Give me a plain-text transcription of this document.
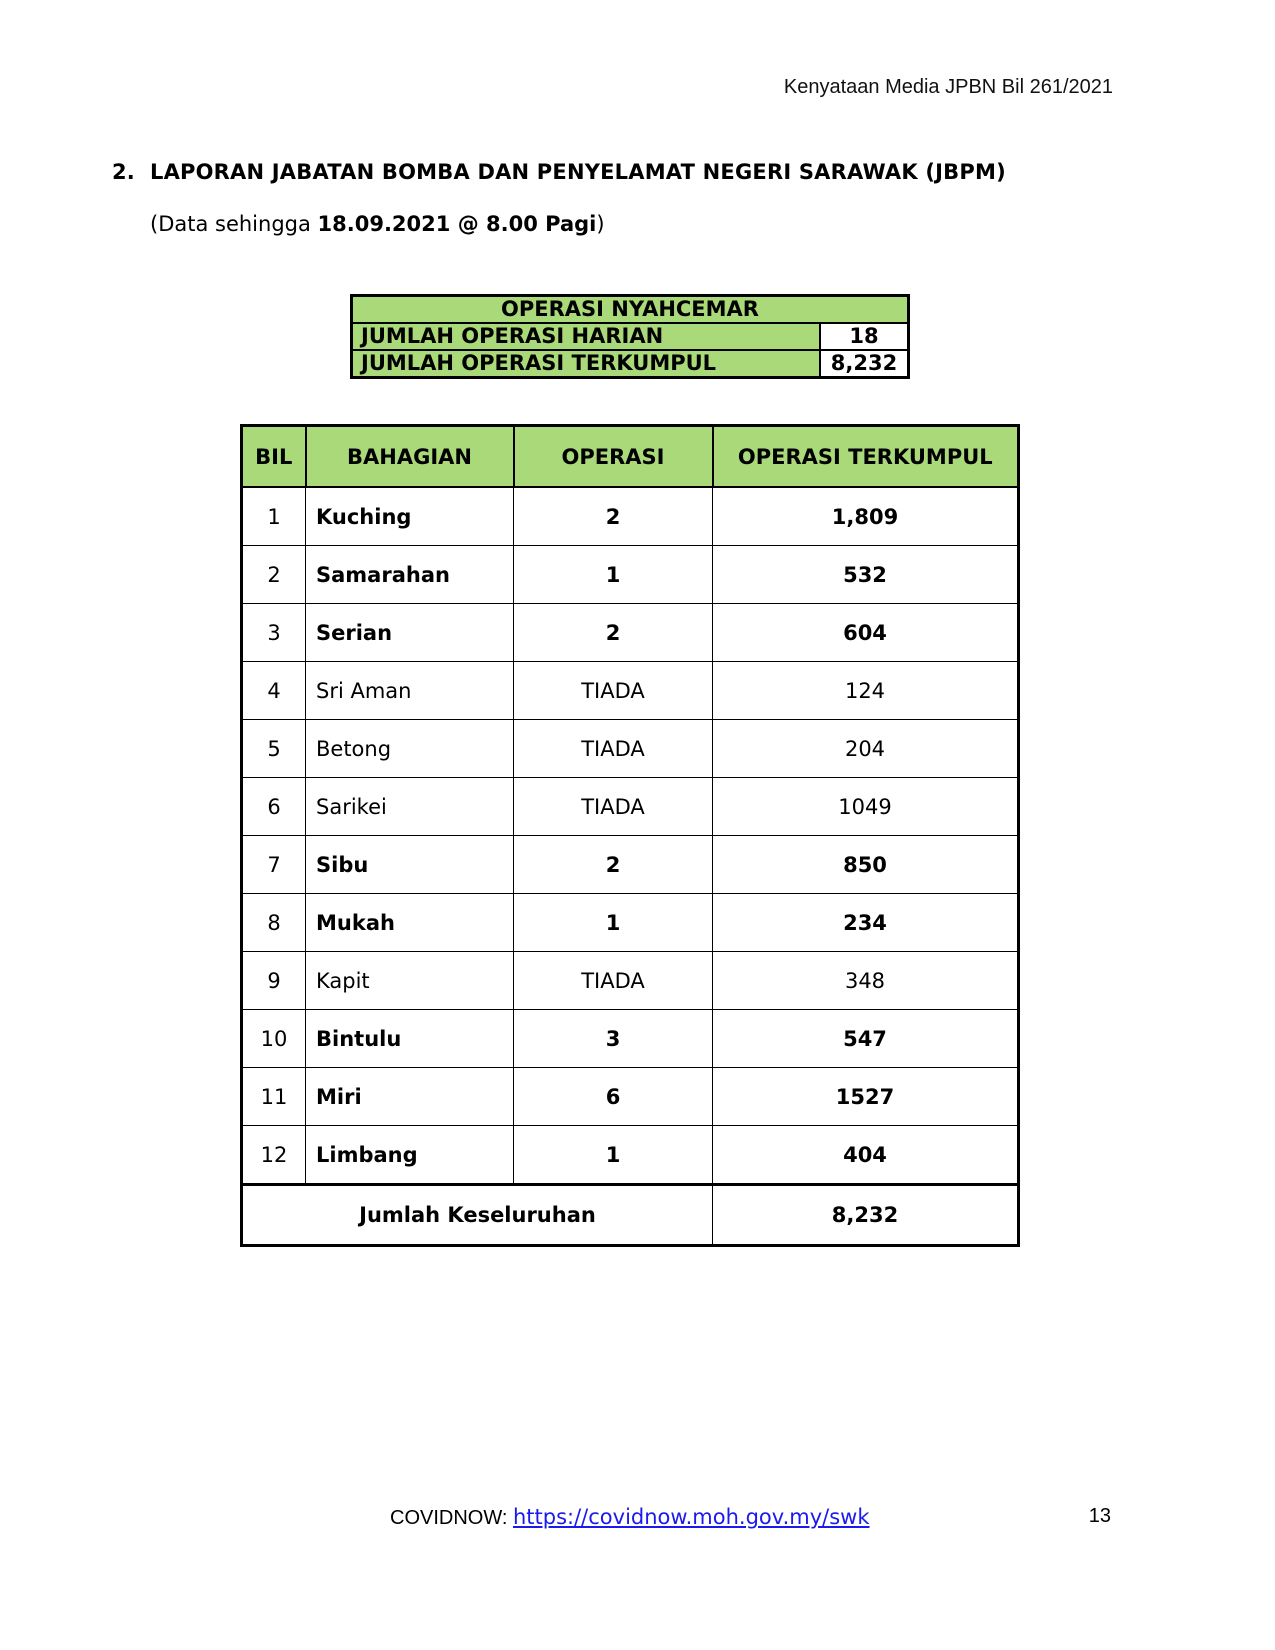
Kenyataan Media JPBN Bil 261/2021
2. LAPORAN JABATAN BOMBA DAN PENYELAMAT NEGERI SARAWAK (JBPM)
(Data sehingga 18.09.2021 @ 8.00 Pagi)
OPERASI NYAHCEMAR	
JUMLAH OPERASI HARIAN	18
JUMLAH OPERASI TERKUMPUL	8,232
BIL	BAHAGIAN	OPERASI	OPERASI TERKUMPUL
1	Kuching	2	1,809
2	Samarahan	1	532
3	Serian	2	604
4	Sri Aman	TIADA	124
5	Betong	TIADA	204
6	Sarikei	TIADA	1049
7	Sibu	2	850
8	Mukah	1	234
9	Kapit	TIADA	348
10	Bintulu	3	547
11	Miri	6	1527
12	Limbang	1	404
Jumlah Keseluruhan			8,232
COVIDNOW: https://covidnow.moh.gov.my/swk	13
